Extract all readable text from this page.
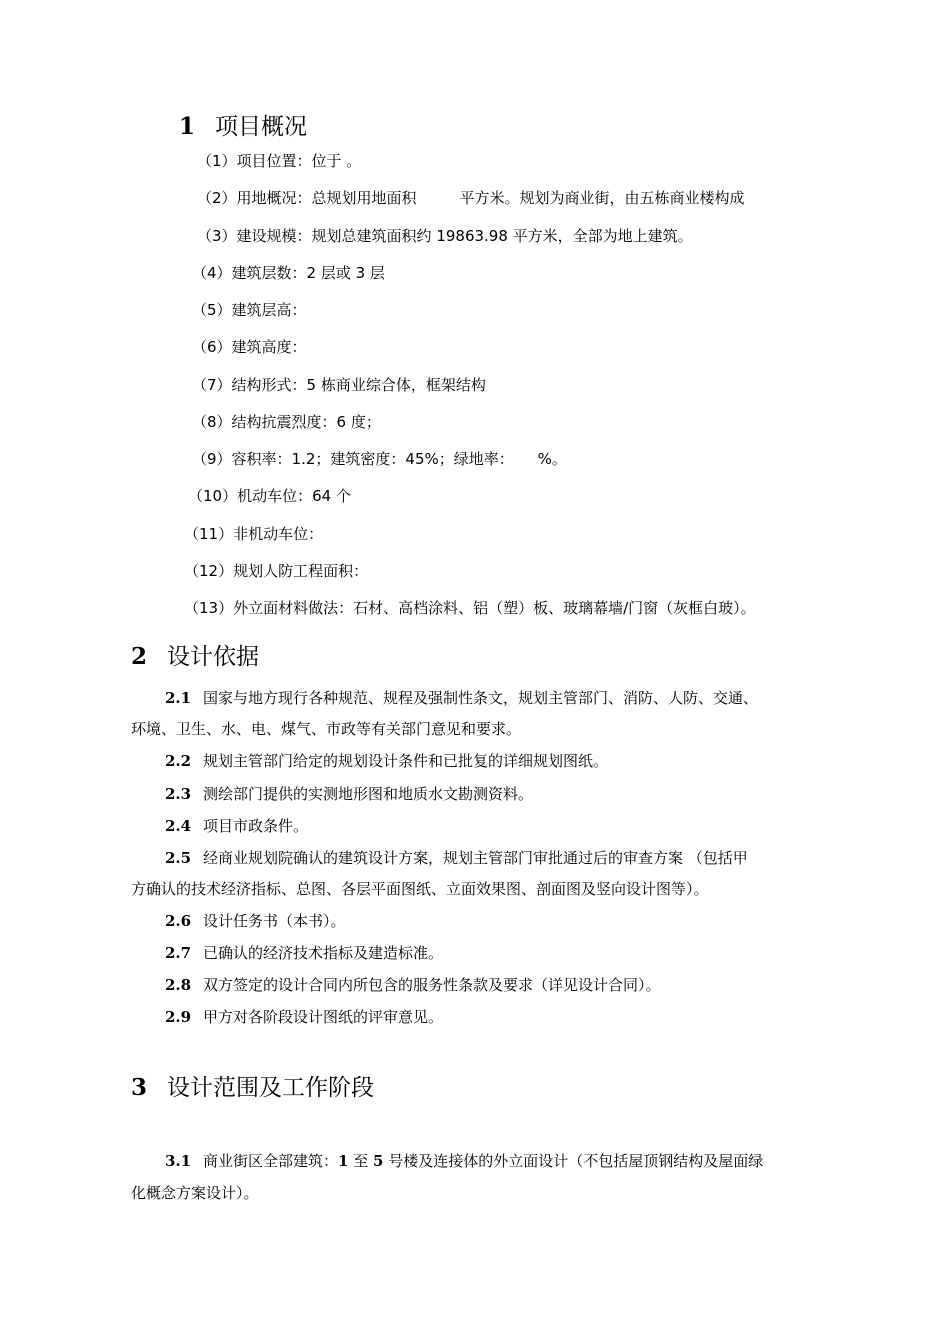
1 项目概况
（1）项目位置：位于 。
（2）用地概况：总规划用地面积         平方米。规划为商业街，由五栋商业楼构成
（3）建设规模：规划总建筑面积约 19863.98 平方米，全部为地上建筑。
（4）建筑层数：2 层或 3 层
（5）建筑层高：
（6）建筑高度：
（7）结构形式：5 栋商业综合体，框架结构
（8）结构抗震烈度：6 度；
（9）容积率：1.2；建筑密度：45%；绿地率：     %。
（10）机动车位：64 个
（11）非机动车位：
（12）规划人防工程面积：
（13）外立面材料做法：石材、高档涂料、铝（塑）板、玻璃幕墙/门窗（灰框白玻）。
2 设计依据
2.1 国家与地方现行各种规范、规程及强制性条文，规划主管部门、消防、人防、交通、
环境、卫生、水、电、煤气、市政等有关部门意见和要求。
2.2 规划主管部门给定的规划设计条件和已批复的详细规划图纸。
2.3 测绘部门提供的实测地形图和地质水文勘测资料。
2.4 项目市政条件。
2.5 经商业规划院确认的建筑设计方案，规划主管部门审批通过后的审查方案 （包括甲
方确认的技术经济指标、总图、各层平面图纸、立面效果图、剖面图及竖向设计图等）。
2.6 设计任务书（本书）。
2.7 已确认的经济技术指标及建造标准。
2.8 双方签定的设计合同内所包含的服务性条款及要求（详见设计合同）。
2.9 甲方对各阶段设计图纸的评审意见。
3 设计范围及工作阶段
3.1 商业街区全部建筑：1 至 5 号楼及连接体的外立面设计（不包括屋顶钢结构及屋面绿
化概念方案设计）。
